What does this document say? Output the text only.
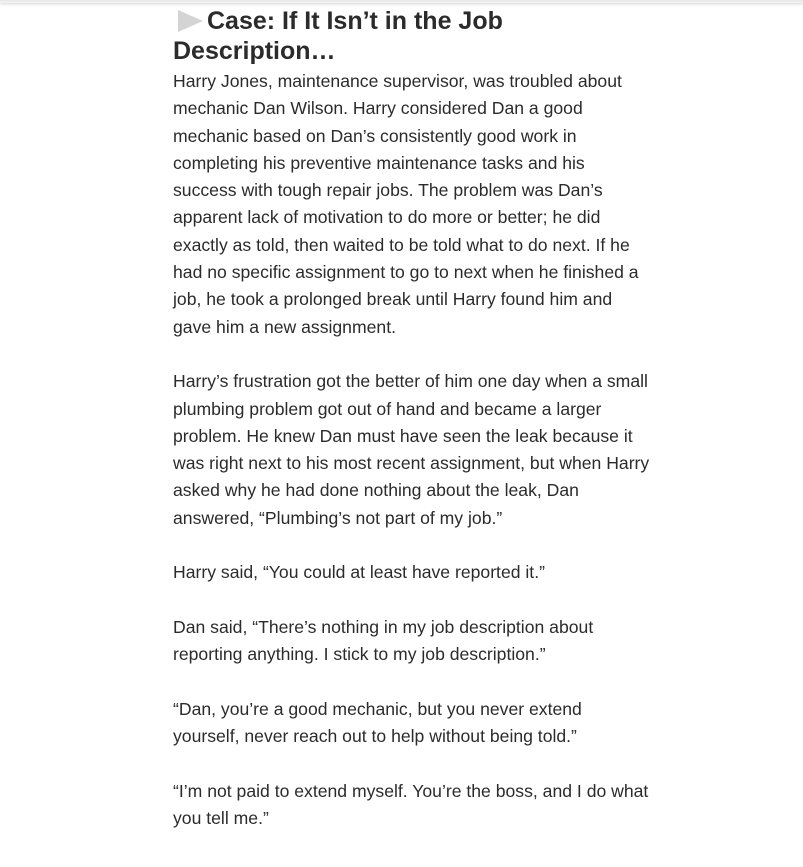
Case: If It Isn’t in the Job Description…

Harry Jones, maintenance supervisor, was troubled about mechanic Dan Wilson. Harry considered Dan a good mechanic based on Dan’s consistently good work in completing his preventive maintenance tasks and his success with tough repair jobs. The problem was Dan’s apparent lack of motivation to do more or better; he did exactly as told, then waited to be told what to do next. If he had no specific assignment to go to next when he finished a job, he took a prolonged break until Harry found him and gave him a new assignment.

Harry’s frustration got the better of him one day when a small plumbing problem got out of hand and became a larger problem. He knew Dan must have seen the leak because it was right next to his most recent assignment, but when Harry asked why he had done nothing about the leak, Dan answered, “Plumbing’s not part of my job.”

Harry said, “You could at least have reported it.”

Dan said, “There’s nothing in my job description about reporting anything. I stick to my job description.”

“Dan, you’re a good mechanic, but you never extend yourself, never reach out to help without being told.”

“I’m not paid to extend myself. You’re the boss, and I do what you tell me.”
